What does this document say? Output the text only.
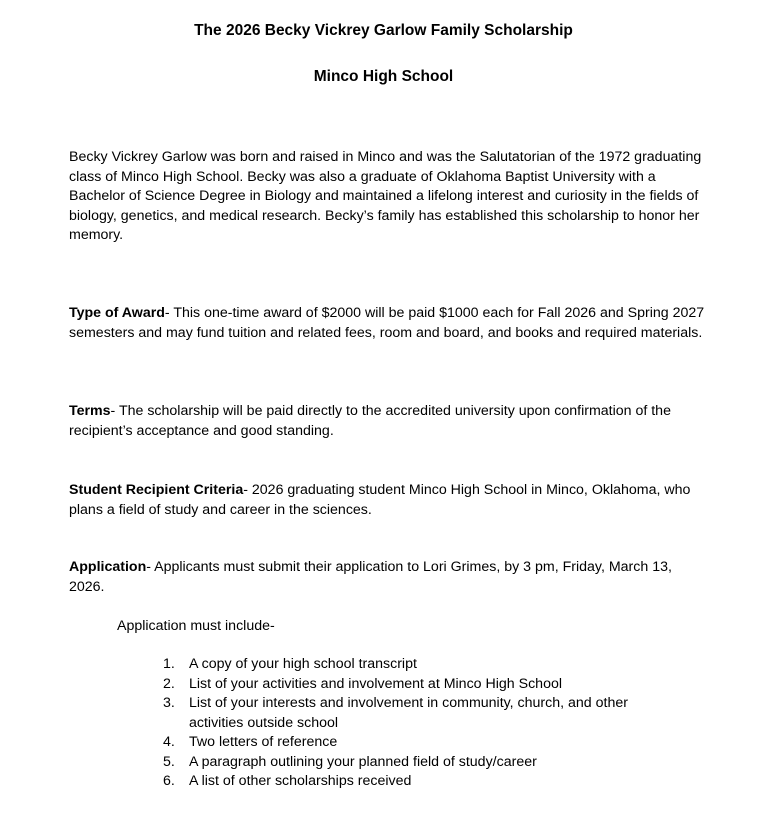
The 2026 Becky Vickrey Garlow Family Scholarship
Minco High School

Becky Vickrey Garlow was born and raised in Minco and was the Salutatorian of the 1972 graduating class of Minco High School. Becky was also a graduate of Oklahoma Baptist University with a Bachelor of Science Degree in Biology and maintained a lifelong interest and curiosity in the fields of biology, genetics, and medical research. Becky’s family has established this scholarship to honor her memory.

Type of Award- This one-time award of $2000 will be paid $1000 each for Fall 2026 and Spring 2027 semesters and may fund tuition and related fees, room and board, and books and required materials.

Terms- The scholarship will be paid directly to the accredited university upon confirmation of the recipient’s acceptance and good standing.

Student Recipient Criteria- 2026 graduating student Minco High School in Minco, Oklahoma, who plans a field of study and career in the sciences.

Application- Applicants must submit their application to Lori Grimes, by 3 pm, Friday, March 13, 2026.

Application must include-

1. A copy of your high school transcript
2. List of your activities and involvement at Minco High School
3. List of your interests and involvement in community, church, and other activities outside school
4. Two letters of reference
5. A paragraph outlining your planned field of study/career
6. A list of other scholarships received
